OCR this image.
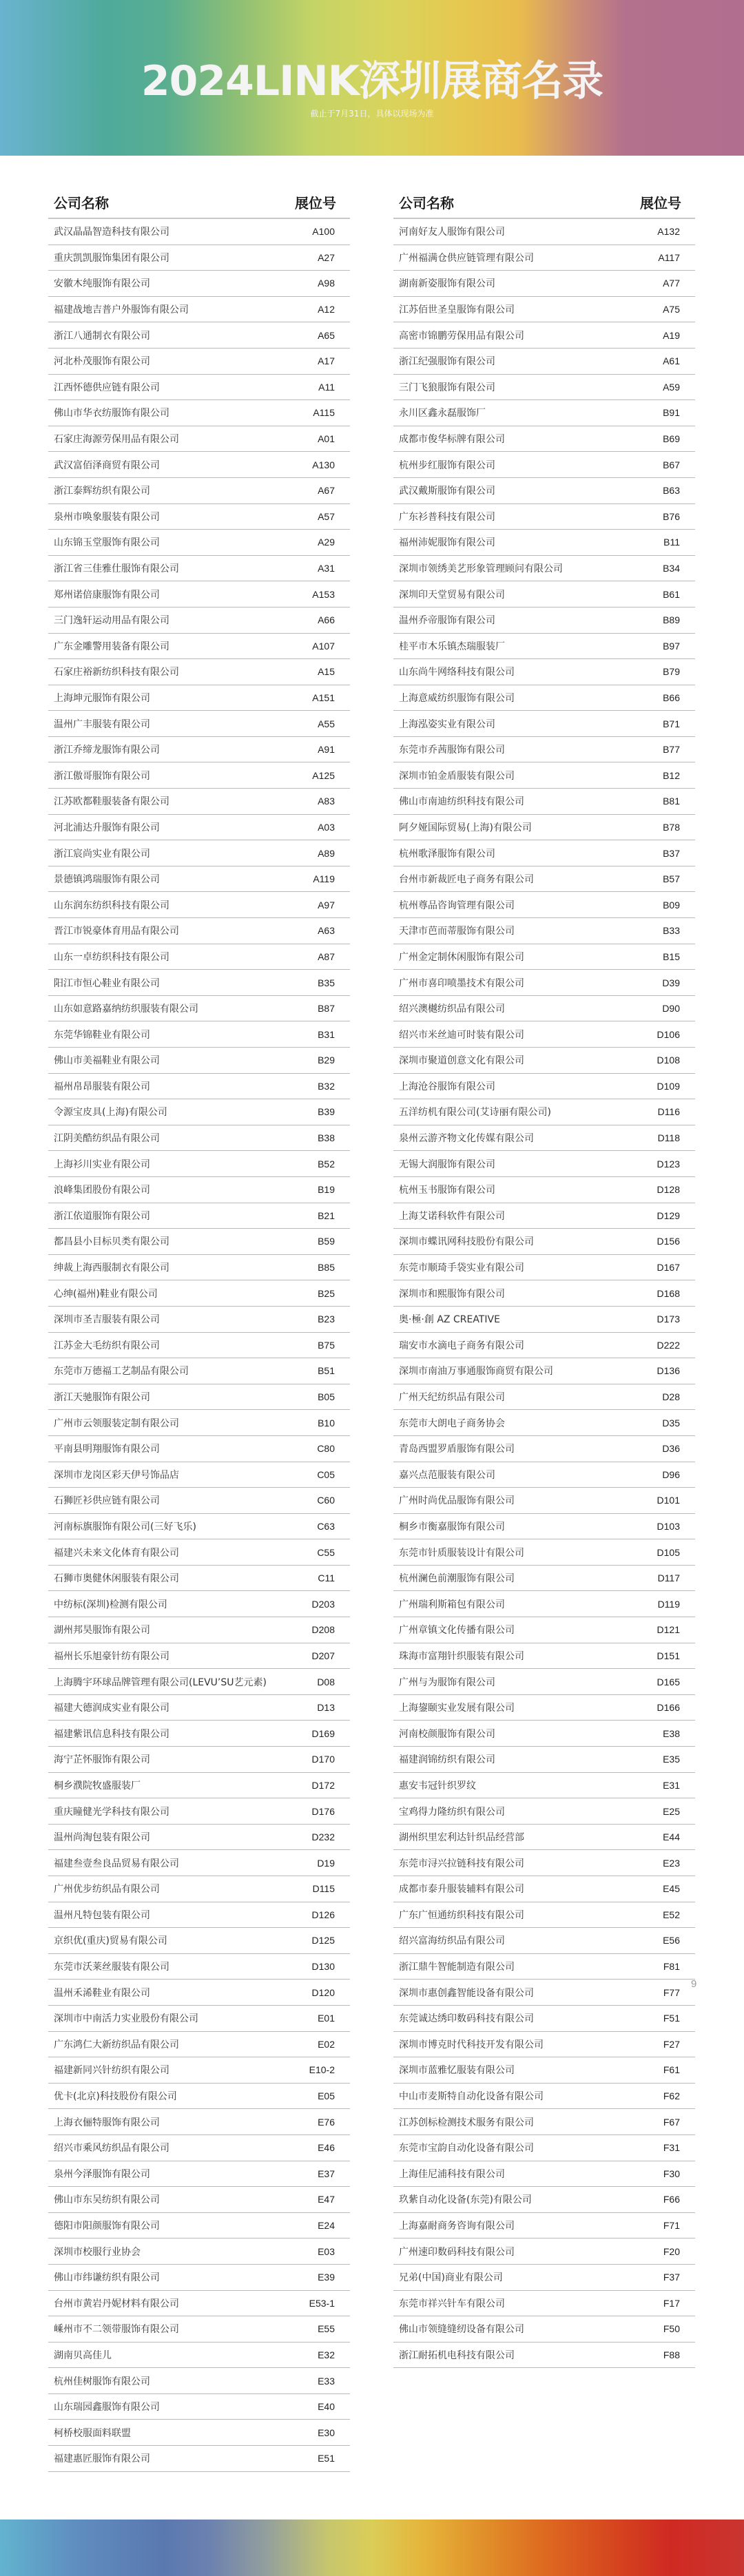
2024LINK深圳展商名录
截止于7月31日，具体以现场为准
公司名称	展位号
武汉晶晶智造科技有限公司	A100
重庆凯凯服饰集团有限公司	A27
安徽木纯服饰有限公司	A98
福建战地吉普户外服饰有限公司	A12
浙江八通制衣有限公司	A65
河北朴茂服饰有限公司	A17
江西怀德供应链有限公司	A11
佛山市华衣纺服饰有限公司	A115
石家庄海源劳保用品有限公司	A01
武汉富佰泽商贸有限公司	A130
浙江泰辉纺织有限公司	A67
泉州市唤象服装有限公司	A57
山东锦玉堂服饰有限公司	A29
浙江省三佳雅仕服饰有限公司	A31
郑州诺倍康服饰有限公司	A153
三门逸轩运动用品有限公司	A66
广东金雕警用装备有限公司	A107
石家庄裕新纺织科技有限公司	A15
上海坤元服饰有限公司	A151
温州广丰服装有限公司	A55
浙江乔缔龙服饰有限公司	A91
浙江傲哥服饰有限公司	A125
江苏欧都鞋服装备有限公司	A83
河北浦达升服饰有限公司	A03
浙江宸尚实业有限公司	A89
景德镇鸿瑞服饰有限公司	A119
山东润东纺织科技有限公司	A97
晋江市锐豪体育用品有限公司	A63
山东一卓纺织科技有限公司	A87
阳江市恒心鞋业有限公司	B35
山东如意路嘉纳纺织服装有限公司	B87
东莞华锦鞋业有限公司	B31
佛山市美福鞋业有限公司	B29
福州帛昂服装有限公司	B32
令源宝皮具(上海)有限公司	B39
江阴美酷纺织品有限公司	B38
上海衫川实业有限公司	B52
浪峰集团股份有限公司	B19
浙江依道服饰有限公司	B21
都昌县小目标贝类有限公司	B59
绅裁上海西服制衣有限公司	B85
心绅(福州)鞋业有限公司	B25
深圳市圣吉服装有限公司	B23
江苏金大毛纺织有限公司	B75
东莞市万德福工艺制品有限公司	B51
浙江天驰服饰有限公司	B05
广州市云领服装定制有限公司	B10
平南县明翔服饰有限公司	C80
深圳市龙岗区彩天伊号饰品店	C05
石狮匠衫供应链有限公司	C60
河南标旗服饰有限公司(三好飞乐)	C63
福建兴未来文化体育有限公司	C55
石狮市奥健休闲服装有限公司	C11
中纺标(深圳)检测有限公司	D203
湖州邦昊服饰有限公司	D208
福州长乐旭豪针纺有限公司	D207
上海腾宇环球品牌管理有限公司(LEVU’SU艺元素)	D08
福建大德润成实业有限公司	D13
福建紫讯信息科技有限公司	D169
海宁芷怀服饰有限公司	D170
桐乡濮院牧盛服装厂	D172
重庆瞳健光学科技有限公司	D176
温州尚淘包装有限公司	D232
福建叁壹叁良品贸易有限公司	D19
广州优步纺织品有限公司	D115
温州凡特包装有限公司	D126
京织优(重庆)贸易有限公司	D125
东莞市沃莱丝服装有限公司	D130
温州禾浠鞋业有限公司	D120
深圳市中南活力实业股份有限公司	E01
广东鸿仁大新纺织品有限公司	E02
福建新同兴针纺织有限公司	E10-2
优卡(北京)科技股份有限公司	E05
上海衣俪特服饰有限公司	E76
绍兴市乘风纺织品有限公司	E46
泉州今泽服饰有限公司	E37
佛山市东吴纺织有限公司	E47
德阳市阳颜服饰有限公司	E24
深圳市校服行业协会	E03
佛山市纬谦纺织有限公司	E39
台州市黄岩丹妮材料有限公司	E53-1
嵊州市不二领带服饰有限公司	E55
湖南贝高佳儿	E32
杭州佳树服饰有限公司	E33
山东瑞园鑫服饰有限公司	E40
柯桥校服面料联盟	E30
福建惠匠服饰有限公司	E51
公司名称	展位号
河南好友人服饰有限公司	A132
广州福满仓供应链管理有限公司	A117
湖南新姿服饰有限公司	A77
江苏佰世圣皇服饰有限公司	A75
高密市锦鹏劳保用品有限公司	A19
浙江纪强服饰有限公司	A61
三门飞狼服饰有限公司	A59
永川区鑫永磊服饰厂	B91
成都市俊华标牌有限公司	B69
杭州步红服饰有限公司	B67
武汉戴斯服饰有限公司	B63
广东衫普科技有限公司	B76
福州沛妮服饰有限公司	B11
深圳市领绣美艺形象管理顾问有限公司	B34
深圳印天堂贸易有限公司	B61
温州乔帝服饰有限公司	B89
桂平市木乐镇杰瑞服装厂	B97
山东尚牛网络科技有限公司	B79
上海意威纺织服饰有限公司	B66
上海泓姿实业有限公司	B71
东莞市乔茜服饰有限公司	B77
深圳市铂金盾服装有限公司	B12
佛山市南迪纺织科技有限公司	B81
阿夕娅国际贸易(上海)有限公司	B78
杭州歌泽服饰有限公司	B37
台州市新裁匠电子商务有限公司	B57
杭州尊品咨询管理有限公司	B09
天津市芭而蒂服饰有限公司	B33
广州金定制休闲服饰有限公司	B15
广州市喜印喷墨技术有限公司	D39
绍兴澳樾纺织品有限公司	D90
绍兴市米丝迪可时装有限公司	D106
深圳市聚道创意文化有限公司	D108
上海沧谷服饰有限公司	D109
五洋纺机有限公司(艾诗丽有限公司)	D116
泉州云游齐物文化传媒有限公司	D118
无锡大润服饰有限公司	D123
杭州玉书服饰有限公司	D128
上海艾诺科软件有限公司	D129
深圳市蝶讯网科技股份有限公司	D156
东莞市顺琦手袋实业有限公司	D167
深圳市和熙服饰有限公司	D168
奥·極·創 AZ CREATIVE	D173
瑞安市水滴电子商务有限公司	D222
深圳市南油万事通服饰商贸有限公司	D136
广州天纪纺织品有限公司	D28
东莞市大朗电子商务协会	D35
青岛西盟罗盾服饰有限公司	D36
嘉兴点范服装有限公司	D96
广州时尚优品服饰有限公司	D101
桐乡市衡嘉服饰有限公司	D103
东莞市针质服装设计有限公司	D105
杭州澜色前潮服饰有限公司	D117
广州瑞利斯箱包有限公司	D119
广州章镇文化传播有限公司	D121
珠海市富翔针织服装有限公司	D151
广州与为服饰有限公司	D165
上海鋆颐实业发展有限公司	D166
河南校颜服饰有限公司	E38
福建润锦纺织有限公司	E35
惠安韦冠针织罗纹	E31
宝鸡得力隆纺织有限公司	E25
湖州织里宏利达针织品经营部	E44
东莞市浔兴拉链科技有限公司	E23
成都市泰升服装辅料有限公司	E45
广东广恒通纺织科技有限公司	E52
绍兴富海纺织品有限公司	E56
浙江鼎牛智能制造有限公司	F81
深圳市惠创鑫智能设备有限公司	F77
东莞诚达绣印数码科技有限公司	F51
深圳市博克时代科技开发有限公司	F27
深圳市蓝雅忆服装有限公司	F61
中山市麦斯特自动化设备有限公司	F62
江苏创标检测技术服务有限公司	F67
东莞市宝韵自动化设备有限公司	F31
上海佳尼浦科技有限公司	F30
玖紫自动化设备(东莞)有限公司	F66
上海嘉耐商务咨询有限公司	F71
广州速印数码科技有限公司	F20
兄弟(中国)商业有限公司	F37
东莞市祥兴针车有限公司	F17
佛山市领缝缝纫设备有限公司	F50
浙江耐拓机电科技有限公司	F88
9
